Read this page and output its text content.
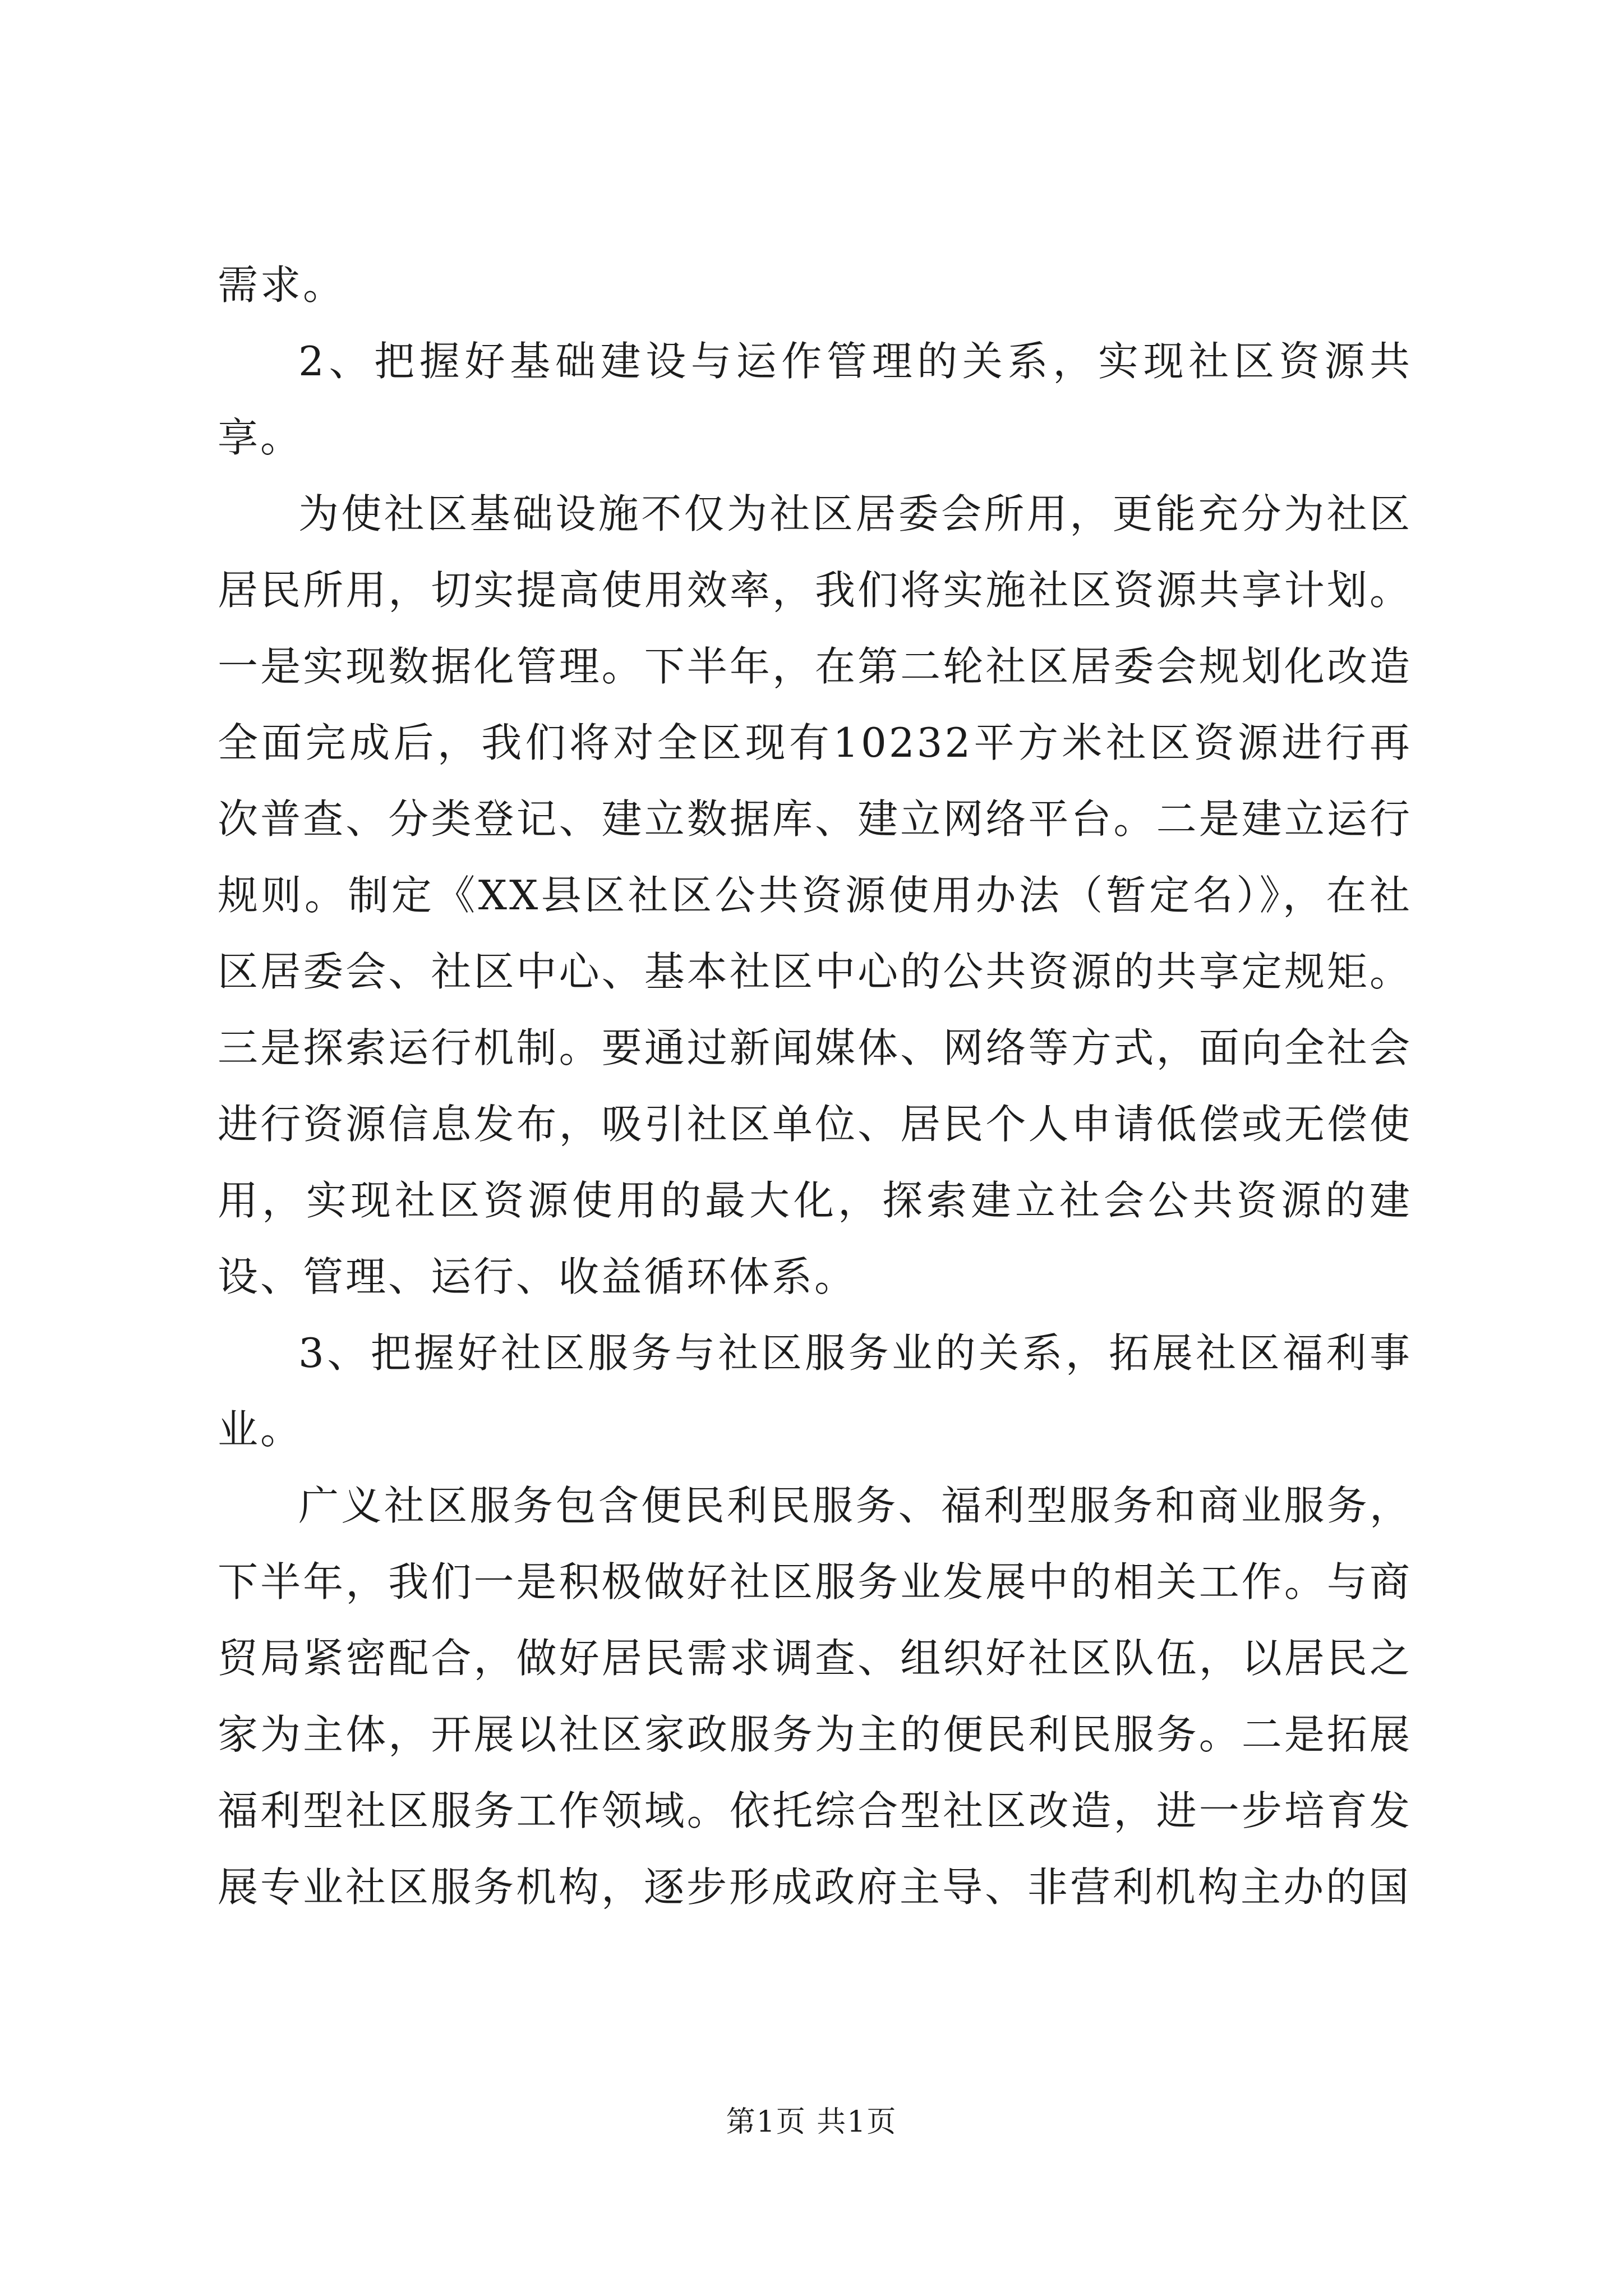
需求。

2、把握好基础建设与运作管理的关系，实现社区资源共享。

为使社区基础设施不仅为社区居委会所用，更能充分为社区居民所用，切实提高使用效率，我们将实施社区资源共享计划。一是实现数据化管理。下半年，在第二轮社区居委会规划化改造全面完成后，我们将对全区现有10232平方米社区资源进行再次普查、分类登记、建立数据库、建立网络平台。二是建立运行规则。制定《XX县区社区公共资源使用办法（暂定名）》，在社区居委会、社区中心、基本社区中心的公共资源的共享定规矩。三是探索运行机制。要通过新闻媒体、网络等方式，面向全社会进行资源信息发布，吸引社区单位、居民个人申请低偿或无偿使用，实现社区资源使用的最大化，探索建立社会公共资源的建设、管理、运行、收益循环体系。

3、把握好社区服务与社区服务业的关系，拓展社区福利事业。

广义社区服务包含便民利民服务、福利型服务和商业服务，下半年，我们一是积极做好社区服务业发展中的相关工作。与商贸局紧密配合，做好居民需求调查、组织好社区队伍，以居民之家为主体，开展以社区家政服务为主的便民利民服务。二是拓展福利型社区服务工作领域。依托综合型社区改造，进一步培育发展专业社区服务机构，逐步形成政府主导、非营利机构主办的国

第1页 共1页
